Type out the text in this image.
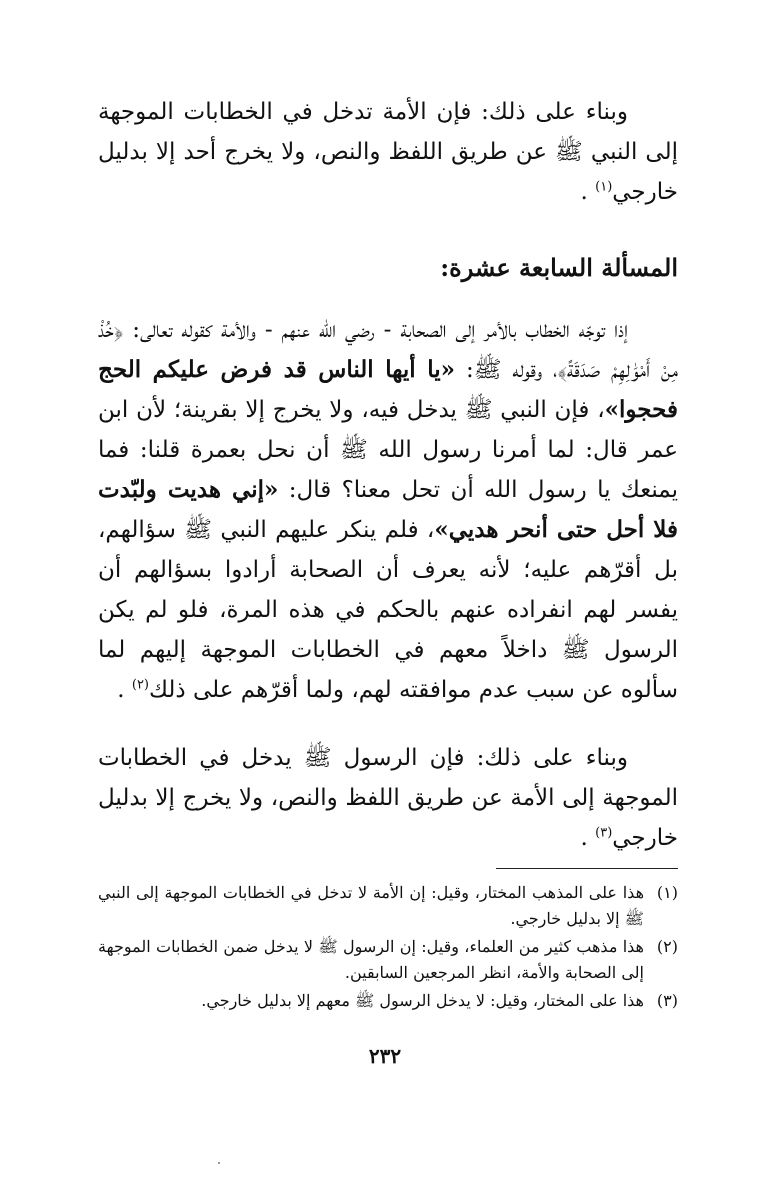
وبناء على ذلك: فإن الأمة تدخل في الخطابات الموجهة إلى النبي ﷺ عن طريق اللفظ والنص، ولا يخرج أحد إلا بدليل خارجي$^{(١)}$ .

المسألة السابعة عشرة:

إذا توجّه الخطاب بالأمر إلى الصحابة - رضي الله عنهم - والأمة كقوله تعالى: ﴿خُذْ مِنْ أَمْوَٰلِهِمْ صَدَقَةً﴾، وقوله ﷺ: «يا أيها الناس قد فرض عليكم الحج فحجوا»، فإن النبي ﷺ يدخل فيه، ولا يخرج إلا بقرينة؛ لأن ابن عمر قال: لما أمرنا رسول الله ﷺ أن نحل بعمرة قلنا: فما يمنعك يا رسول الله أن تحل معنا؟ قال: «إني هديت ولبّدت فلا أحل حتى أنحر هديي»، فلم ينكر عليهم النبي ﷺ سؤالهم، بل أقرّهم عليه؛ لأنه يعرف أن الصحابة أرادوا بسؤالهم أن يفسر لهم انفراده عنهم بالحكم في هذه المرة، فلو لم يكن الرسول ﷺ داخلاً معهم في الخطابات الموجهة إليهم لما سألوه عن سبب عدم موافقته لهم، ولما أقرّهم على ذلك$^{(٢)}$ .

وبناء على ذلك: فإن الرسول ﷺ يدخل في الخطابات الموجهة إلى الأمة عن طريق اللفظ والنص، ولا يخرج إلا بدليل خارجي$^{(٣)}$ .

(١)
هذا على المذهب المختار، وقيل: إن الأمة لا تدخل في الخطابات الموجهة إلى النبي ﷺ إلا بدليل خارجي.
(٢)
هذا مذهب كثير من العلماء، وقيل: إن الرسول ﷺ لا يدخل ضمن الخطابات الموجهة إلى الصحابة والأمة، انظر المرجعين السابقين.
(٣)
هذا على المختار، وقيل: لا يدخل الرسول ﷺ معهم إلا بدليل خارجي.
٢٣٢
